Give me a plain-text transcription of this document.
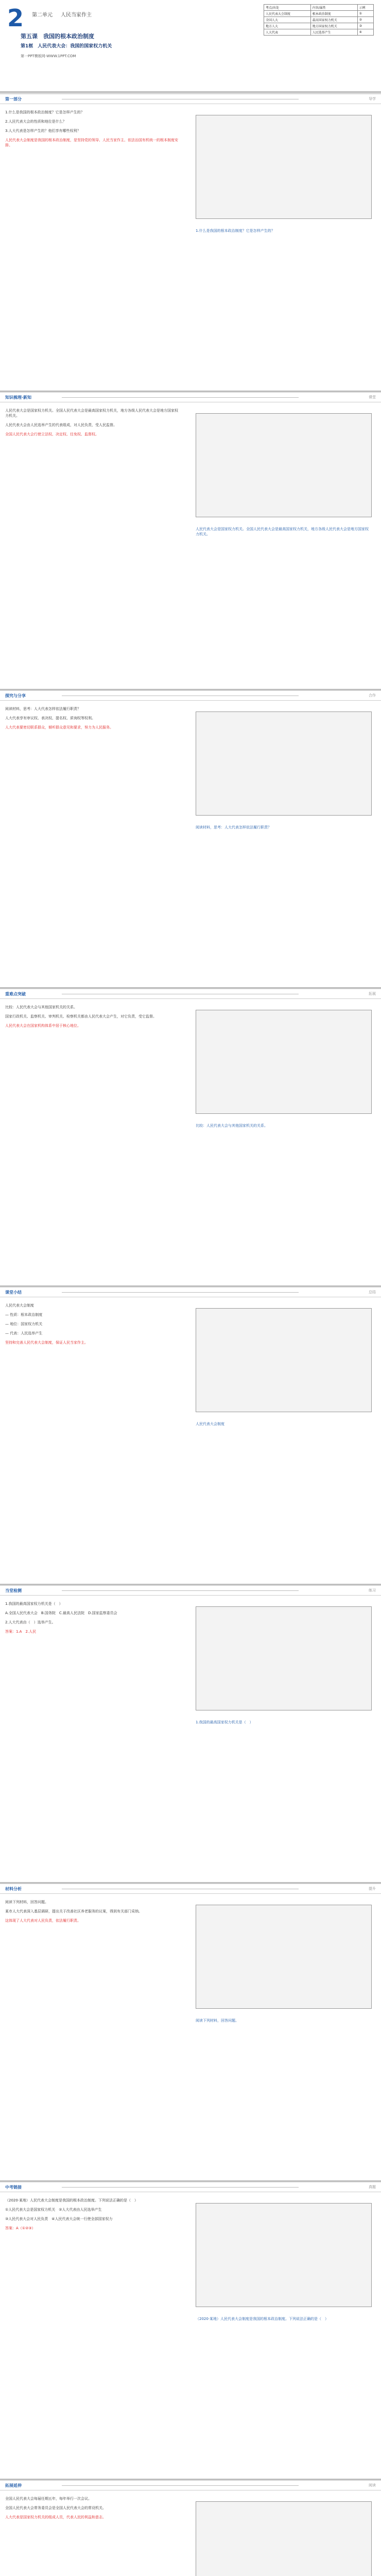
2 第二单元 人民当家作主
第五课　我国的根本政治制度
第1框　人民代表大会：我国的国家权力机关
第一PPT模板网-WWW.1PPT.COM
考点/出处	内容/属性	示例
人民代表大会制度	根本政治制度	①
全国人大	最高国家权力机关	②
地方人大	地方国家权力机关	③
人大代表	人民选举产生	④
第一部分	导学
1.什么是我国的根本政治制度？它是怎样产生的？
2.人民代表大会的性质和地位是什么？
3.人大代表是怎样产生的？他们享有哪些权利？
人民代表大会制度是我国的根本政治制度，是坚持党的领导、人民当家作主、依法治国有机统一的根本制度安排。
1.什么是我国的根本政治制度？它是怎样产生的？
知识梳理·新知	课堂
人民代表大会是国家权力机关。全国人民代表大会是最高国家权力机关，地方各级人民代表大会是地方国家权力机关。
人民代表大会由人民选举产生的代表组成，对人民负责，受人民监督。
全国人民代表大会行使立法权、决定权、任免权、监督权。
人民代表大会是国家权力机关。全国人民代表大会是最高国家权力机关，地方各级人民代表大会是地方国家权力机关。
探究与分享	合作
阅读材料，思考：人大代表怎样依法履行职责？
人大代表享有审议权、表决权、提名权、质询权等权利。
人大代表要密切联系群众，倾听群众意见和要求，努力为人民服务。
阅读材料，思考：人大代表怎样依法履行职责？
重难点突破	拓展
比较：人民代表大会与其他国家机关的关系。
国家行政机关、监察机关、审判机关、检察机关都由人民代表大会产生，对它负责，受它监督。
人民代表大会在国家机构体系中居于核心地位。
比较：人民代表大会与其他国家机关的关系。
课堂小结	总结
人民代表大会制度
— 性质：根本政治制度
— 地位：国家权力机关
— 代表：人民选举产生
坚持和完善人民代表大会制度，保证人民当家作主。
人民代表大会制度
当堂检测	练习
1.我国的最高国家权力机关是（　）
A.全国人民代表大会　B.国务院　C.最高人民法院　D.国家监察委员会
2.人大代表由（　）选举产生。
答案：1.A　2.人民
1.我国的最高国家权力机关是（　）
材料分析	提升
阅读下列材料，回答问题。
某市人大代表深入基层调研，提出关于改善社区养老服务的议案，得到有关部门采纳。
这体现了人大代表对人民负责，依法履行职责。
阅读下列材料，回答问题。
中考链接	真题
（2020·某地）人民代表大会制度是我国的根本政治制度。下列说法正确的是（　）
①人民代表大会是国家权力机关　②人大代表由人民选举产生
③人民代表大会对人民负责　④人民代表大会统一行使全部国家权力
答案：A（①②③）
（2020·某地）人民代表大会制度是我国的根本政治制度。下列说法正确的是（　）
拓展延伸	阅读
全国人民代表大会每届任期五年，每年举行一次会议。
全国人民代表大会常务委员会是全国人民代表大会的常设机关。
人大代表是国家权力机关的组成人员，代表人民的利益和意志。
